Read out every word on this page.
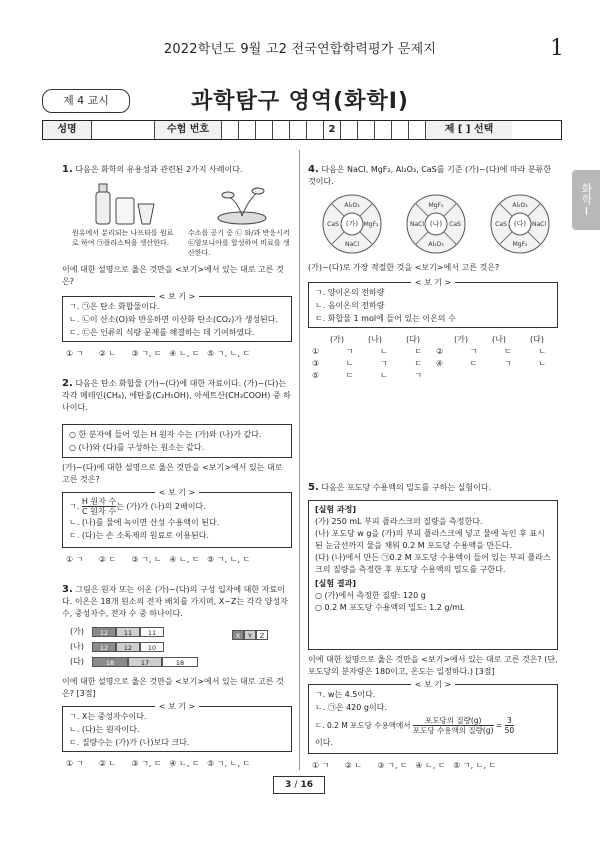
2022학년도 9월 고2 전국연합학력평가 문제지	1
제 4 교시	과학탐구 영역(화학Ⅰ)
성명	수험 번호	2	제 [ ] 선택
화학Ⅰ
1. 다음은 화학의 유용성과 관련된 2가지 사례이다.
원유에서 분리되는 나프타를 원료로 하여 ㉠플라스틱을 생산한다.
수소를 공기 중 ㉡ 와/과 반응시켜 ㉢암모니아를 합성하여 비료를 생산한다.
이에 대한 설명으로 옳은 것만을 <보기>에서 있는 대로 고른 것은?
< 보 기 >
ㄱ. ㉠은 탄소 화합물이다.
ㄴ. ㉡이 산소(O)와 반응하면 이산화 탄소(CO₂)가 생성된다.
ㄷ. ㉢은 인류의 식량 문제를 해결하는 데 기여하였다.
① ㄱ      ② ㄴ      ③ ㄱ, ㄷ   ④ ㄴ, ㄷ   ⑤ ㄱ, ㄴ, ㄷ
2. 다음은 탄소 화합물 (가)~(다)에 대한 자료이다. (가)~(다)는 각각 메테인(CH₄), 에탄올(C₂H₅OH), 아세트산(CH₃COOH) 중 하나이다.
○ 한 분자에 들어 있는 H 원자 수는 (가)와 (나)가 같다.
○ (나)와 (다)를 구성하는 원소는 같다.
(가)~(다)에 대한 설명으로 옳은 것만을 <보기>에서 있는 대로 고른 것은?
< 보 기 >
ㄱ.
H 원자 수
C 원자 수
는 (가)가 (나)의 2배이다.
ㄴ. (나)를 물에 녹이면 산성 수용액이 된다.
ㄷ. (다)는 손 소독제의 원료로 이용된다.
① ㄱ      ② ㄷ      ③ ㄱ, ㄴ   ④ ㄴ, ㄷ   ⑤ ㄱ, ㄴ, ㄷ
3. 그림은 원자 또는 이온 (가)~(다)의 구성 입자에 대한 자료이다. 이온은 18개 원소의 전자 배치를 가지며, X~Z는 각각 양성자수, 중성자수, 전자 수 중 하나이다.
(가)	12	11	11
(나)	12	12	10
(다)	18	17	18
X	Y	Z
이에 대한 설명으로 옳은 것만을 <보기>에서 있는 대로 고른 것은? [3점]
< 보 기 >
ㄱ. X는 중성자수이다.
ㄴ. (다)는 원자이다.
ㄷ. 질량수는 (가)가 (나)보다 크다.
① ㄱ      ② ㄴ      ③ ㄱ, ㄷ   ④ ㄴ, ㄷ   ⑤ ㄱ, ㄴ, ㄷ
4. 다음은 NaCl, MgF₂, Al₂O₃, CaS를 기준 (가)~(다)에 따라 분류한 것이다.
(가)
Al₂O₃
MgF₂
NaCl
CaS	(나)
MgF₂
CaS
Al₂O₃
NaCl	(다)
Al₂O₃
NaCl
MgF₂
CaS
(가)~(다)로 가장 적절한 것을 <보기>에서 고른 것은?
< 보 기 >
ㄱ. 양이온의 전하량
ㄴ. 음이온의 전하량
ㄷ. 화합물 1 mol에 들어 있는 이온의 수
(가)	(나)	(다)	(가)	(나)	(다)
①	ㄱ	ㄴ	ㄷ ②	ㄱ	ㄷ	ㄴ
③	ㄴ	ㄱ	ㄷ ④	ㄷ	ㄱ	ㄴ
⑤	ㄷ	ㄴ	ㄱ
5. 다음은 포도당 수용액의 밀도를 구하는 실험이다.
[실험 과정]
(가) 250 mL 부피 플라스크의 질량을 측정한다.
(나) 포도당 w g을 (가)의 부피 플라스크에 넣고 물에 녹인 후 표시된 눈금선까지 물을 채워 0.2 M 포도당 수용액을 만든다.
(다) (나)에서 만든 ㉠0.2 M 포도당 수용액이 들어 있는 부피 플라스크의 질량을 측정한 후 포도당 수용액의 밀도를 구한다.
[실험 결과]
○ (가)에서 측정한 질량: 120 g
○ 0.2 M 포도당 수용액의 밀도: 1.2 g/mL
이에 대한 설명으로 옳은 것만을 <보기>에서 있는 대로 고른 것은? (단, 포도당의 분자량은 180이고, 온도는 일정하다.) [3점]
< 보 기 >
ㄱ. w는 4.5이다.
ㄴ. ㉠은 420 g이다.
ㄷ. 0.2 M 포도당 수용액에서

포도당의 질량(g)
포도당 수용액의 질량(g)

=
$\frac{3}{50}$
이다.
① ㄱ      ② ㄴ      ③ ㄱ, ㄷ   ④ ㄴ, ㄷ   ⑤ ㄱ, ㄴ, ㄷ
3 / 16
